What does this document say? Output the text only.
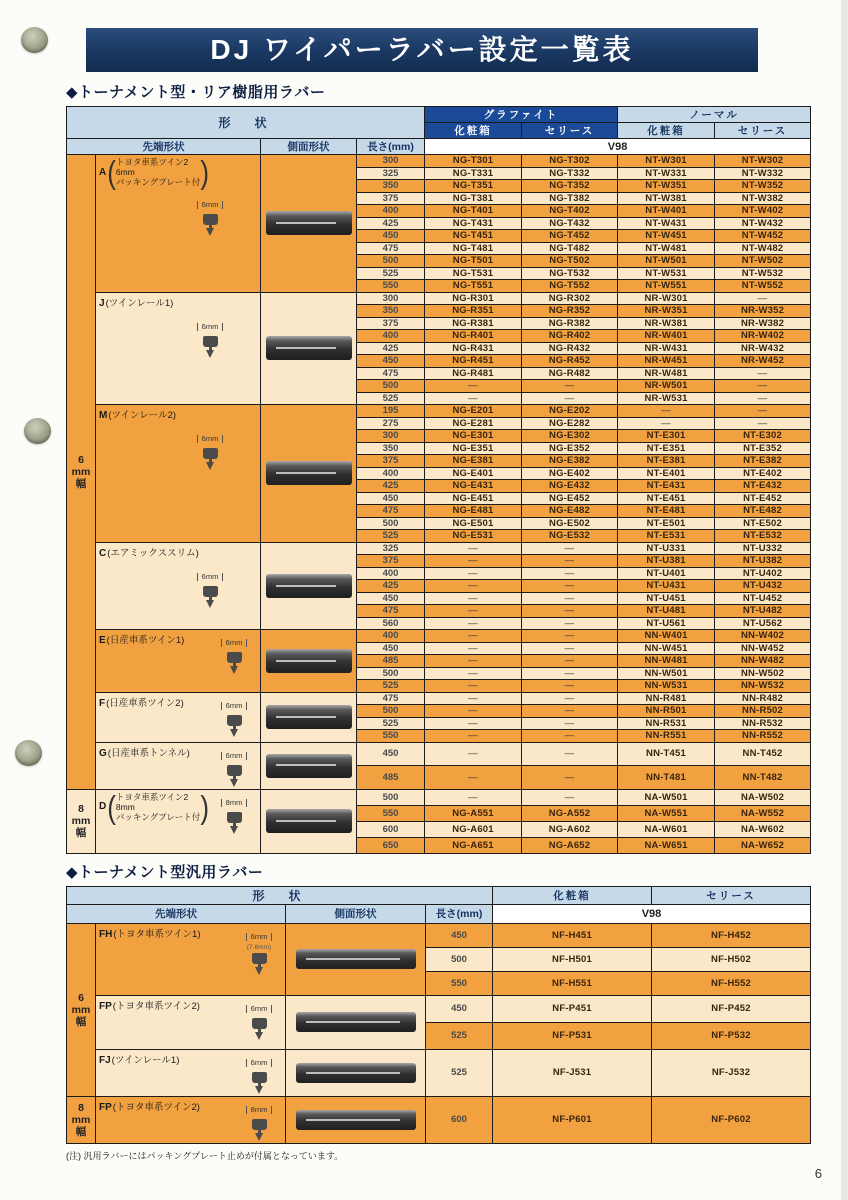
DJ ワイパーラバー設定一覧表
◆トーナメント型・リア樹脂用ラバー
形　状				グラファイト		ノーマル	
				化粧箱	セリース	化粧箱	セリース
先端形状		側面形状	長さ(mm)	V98			

6
mm
幅

A ( トヨタ車系ツイン2
6mm
パッキングプレート付 )
6mm

	300	NG-T301	NG-T302	NT-W301	NT-W302
			325	NG-T331	NG-T332	NT-W331	NT-W332
			350	NG-T351	NG-T352	NT-W351	NT-W352
			375	NG-T381	NG-T382	NT-W381	NT-W382
			400	NG-T401	NG-T402	NT-W401	NT-W402
			425	NG-T431	NG-T432	NT-W431	NT-W432
			450	NG-T451	NG-T452	NT-W451	NT-W452
			475	NG-T481	NG-T482	NT-W481	NT-W482
			500	NG-T501	NG-T502	NT-W501	NT-W502
			525	NG-T531	NG-T532	NT-W531	NT-W532
			550	NG-T551	NG-T552	NT-W551	NT-W552

	J(ツインレール1)
6mm		300	NG-R301	NG-R302	NR-W301	—
			350	NG-R351	NG-R352	NR-W351	NR-W352
			375	NG-R381	NG-R382	NR-W381	NR-W382
			400	NG-R401	NG-R402	NR-W401	NR-W402
			425	NG-R431	NG-R432	NR-W431	NR-W432
			450	NG-R451	NG-R452	NR-W451	NR-W452
			475	NG-R481	NG-R482	NR-W481	—
			500	—	—	NR-W501	—
			525	—	—	NR-W531	—

	M(ツインレール2)
6mm		195	NG-E201	NG-E202	—	—
			275	NG-E281	NG-E282	—	—
			300	NG-E301	NG-E302	NT-E301	NT-E302
			350	NG-E351	NG-E352	NT-E351	NT-E352
			375	NG-E381	NG-E382	NT-E381	NT-E382
			400	NG-E401	NG-E402	NT-E401	NT-E402
			425	NG-E431	NG-E432	NT-E431	NT-E432
			450	NG-E451	NG-E452	NT-E451	NT-E452
			475	NG-E481	NG-E482	NT-E481	NT-E482
			500	NG-E501	NG-E502	NT-E501	NT-E502
			525	NG-E531	NG-E532	NT-E531	NT-E532

	C(エアミックススリム)
6mm		325	—	—	NT-U331	NT-U332
			375	—	—	NT-U381	NT-U382
			400	—	—	NT-U401	NT-U402
			425	—	—	NT-U431	NT-U432
			450	—	—	NT-U451	NT-U452
			475	—	—	NT-U481	NT-U482
			560	—	—	NT-U561	NT-U562

	E(日産車系ツイン1) 6mm		400	—	—	NN-W401	NN-W402
			450	—	—	NN-W451	NN-W452
			485	—	—	NN-W481	NN-W482
			500	—	—	NN-W501	NN-W502
			525	—	—	NN-W531	NN-W532

	F(日産車系ツイン2) 6mm		475	—	—	NN-R481	NN-R482
			500	—	—	NN-R501	NN-R502
			525	—	—	NN-R531	NN-R532
			550	—	—	NN-R551	NN-R552

	G(日産車系トンネル) 6mm		450	—	—	NN-T451	NN-T452
			485	—	—	NN-T481	NN-T482

8
mm
幅

D ( トヨタ車系ツイン2
8mm
パッキングプレート付 )	8mm		500	—	—	NA-W501	NA-W502
			550	NG-A551	NG-A552	NA-W551	NA-W552
			600	NG-A601	NG-A602	NA-W601	NA-W602
			650	NG-A651	NG-A652	NA-W651	NA-W652
◆トーナメント型汎用ラバー
形　状				化粧箱	セリース
先端形状		側面形状	長さ(mm)	V98	

6
mm
幅

FH(トヨタ車系ツイン1)	6mm
(7.6mm)

	450	NF-H451	NF-H452
			500	NF-H501	NF-H502
			550	NF-H551	NF-H552

	FP(トヨタ車系ツイン2) 6mm		450	NF-P451	NF-P452
			525	NF-P531	NF-P532

	FJ(ツインレール1) 6mm		525	NF-J531	NF-J532

8
mm
幅

FP(トヨタ車系ツイン2)	8mm

	600	NF-P601	NF-P602
(注) 汎用ラバーにはパッキングプレート止めが付属となっています。
6
